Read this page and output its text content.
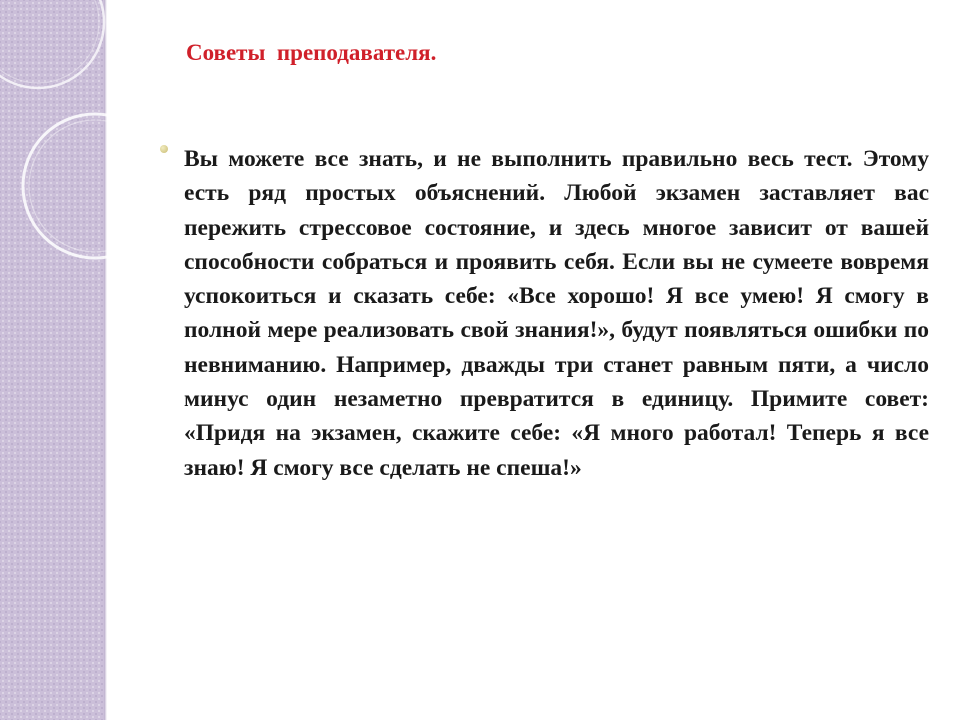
Советы  преподавателя.
Вы можете все знать, и не выполнить правильно весь тест. Этому есть ряд простых объяснений. Любой экзамен заставляет вас пережить стрессовое состояние, и здесь многое зависит от вашей способности собраться и проявить себя. Если вы не сумеете вовремя успокоиться и сказать себе: «Все хорошо! Я все умею! Я смогу в полной мере реализовать свой знания!», будут появляться ошибки по невниманию. Например, дважды три станет равным пяти, а число минус один незаметно превратится в единицу. Примите совет: «Придя на экзамен, скажите себе: «Я много работал! Теперь я все знаю! Я смогу все сделать не спеша!»
